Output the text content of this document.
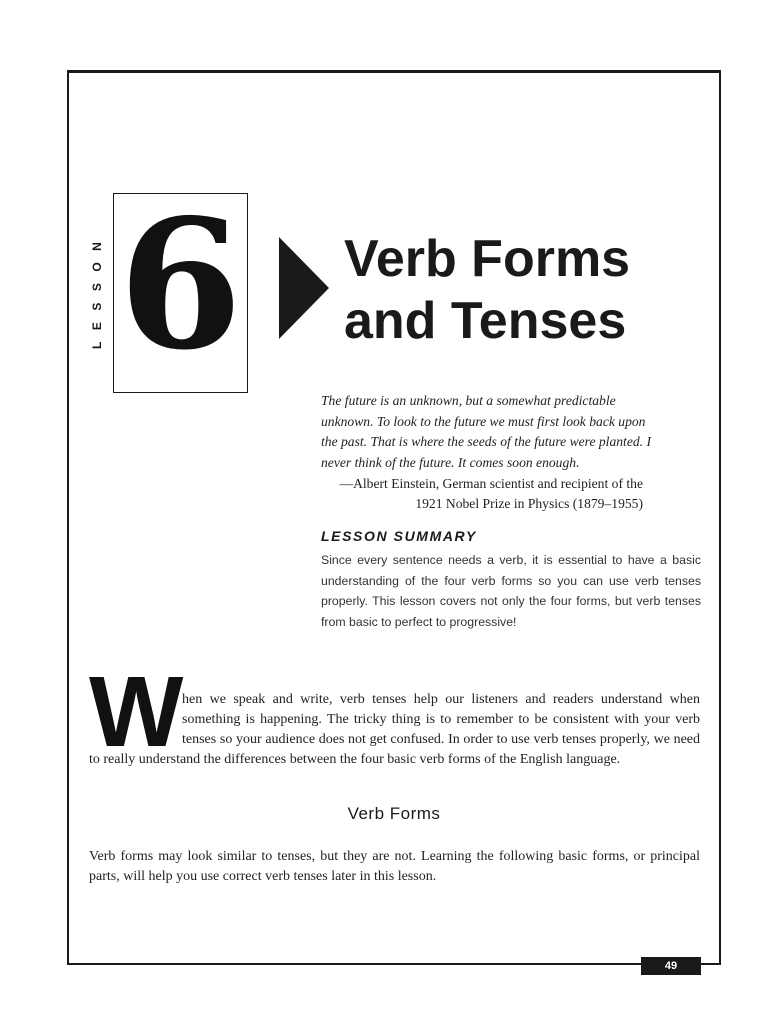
LESSON 6 Verb Forms
and Tenses
The future is an unknown, but a somewhat predictable unknown. To look to the future we must first look back upon the past. That is where the seeds of the future were planted. I never think of the future. It comes soon enough.
—Albert Einstein, German scientist and recipient of the
1921 Nobel Prize in Physics (1879–1955)
LESSON SUMMARY
Since every sentence needs a verb, it is essential to have a basic understanding of the four verb forms so you can use verb tenses properly. This lesson covers not only the four forms, but verb tenses from basic to perfect to progressive!
W
hen we speak and write, verb tenses help our listeners and readers understand when something is happening. The tricky thing is to remember to be consistent with your verb tenses so your audience does not get confused. In order to use verb tenses properly, we need to really understand the differences between the four basic verb forms of the English language.
Verb Forms
Verb forms may look similar to tenses, but they are not. Learning the following basic forms, or principal parts, will help you use correct verb tenses later in this lesson.
49
